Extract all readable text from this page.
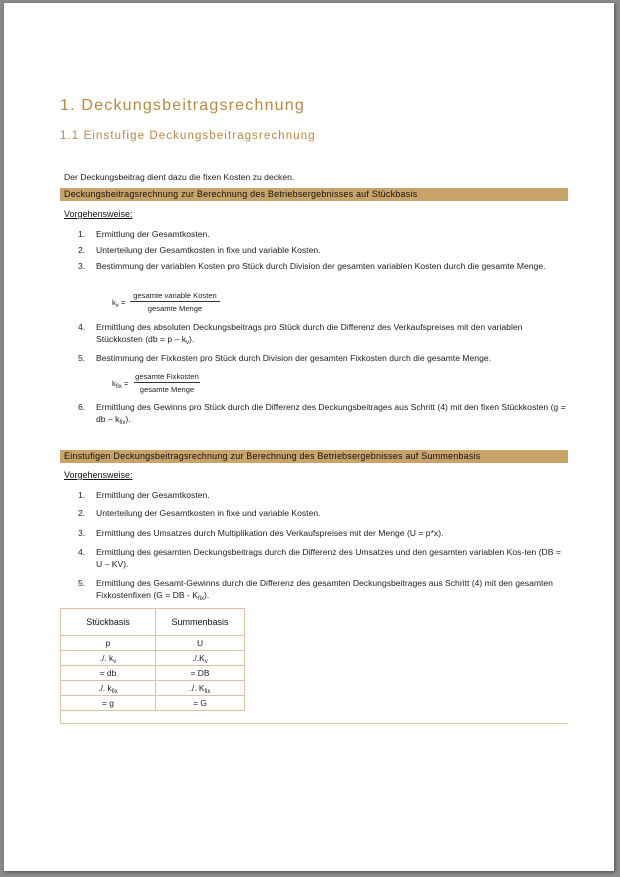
1. Deckungsbeitragsrechnung
1.1 Einstufige Deckungsbeitragsrechnung
Der Deckungsbeitrag dient dazu die fixen Kosten zu decken.
Deckungsbeitragsrechnung zur Berechnung des Betriebsergebnisses auf Stückbasis
Vorgehensweise:
1.	Ermittlung der Gesamtkosten.
2.	Unterteilung der Gesamtkosten in fixe und variable Kosten.
3.	Bestimmung der variablen Kosten pro Stück durch Division der gesamten variablen Kosten durch die gesamte Menge.
$k_v$ =
gesamte variable Kosten
gesamte Menge
4.	Ermittlung des absoluten Deckungsbeitrags pro Stück durch die Differenz des Verkaufspreises mit den variablen Stückkosten $(db = p - k_v)$.
5.	Bestimmung der Fixkosten pro Stück durch Division der gesamten Fixkosten durch die gesamte Menge.
$k_{fix}$ =
gesamte Fixkosten
gesamte Menge
6.	Ermittlung des Gewinns pro Stück durch die Differenz des Deckungsbeitrages aus Schritt (4) mit den fixen Stückkosten (g = db – $k_{fix}$).
Einstufigen Deckungsbeitragsrechnung zur Berechnung des Betriebsergebnisses auf Summenbasis
Vorgehensweise:
1.	Ermittlung der Gesamtkosten.
2.	Unterteilung der Gesamtkosten in fixe und variable Kosten.
3.	Ermittlung des Umsatzes durch Multiplikation des Verkaufspreises mit der Menge (U = p*x).
4.	Ermittlung des gesamten Deckungsbeitrags durch die Differenz des Umsatzes und den gesamten variablen Kos-ten (DB = U – KV).
5.	Ermittlung des Gesamt-Gewinns durch die Differenz des gesamten Deckungsbeitrages aus Schritt (4) mit den gesamten Fixkostenfixen (G = DB - $K_{fix}$).
Stückbasis	Summenbasis
p	U
./. $k_v$	$./.K_v$
= db	= DB
./. $k_{fix}$	./. $K_{fix}$
= g	= G
